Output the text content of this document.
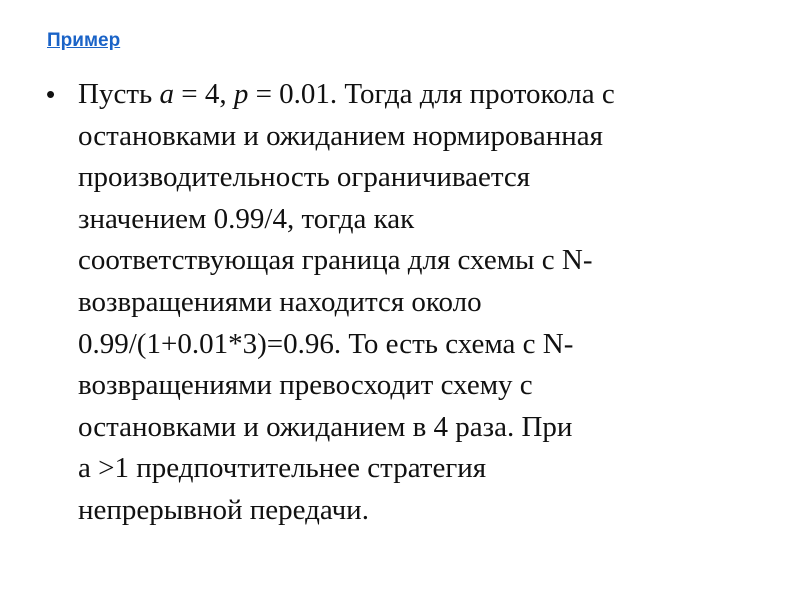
Пример
• Пусть a = 4, p = 0.01. Тогда для протокола с
остановками и ожиданием нормированная
производительность ограничивается
значением 0.99/4, тогда как
соответствующая граница для схемы с N-
возвращениями находится около
0.99/(1+0.01*3)=0.96. То есть схема с N-
возвращениями превосходит схему с
остановками и ожиданием в 4 раза. При
a >1 предпочтительнее стратегия
непрерывной передачи.
